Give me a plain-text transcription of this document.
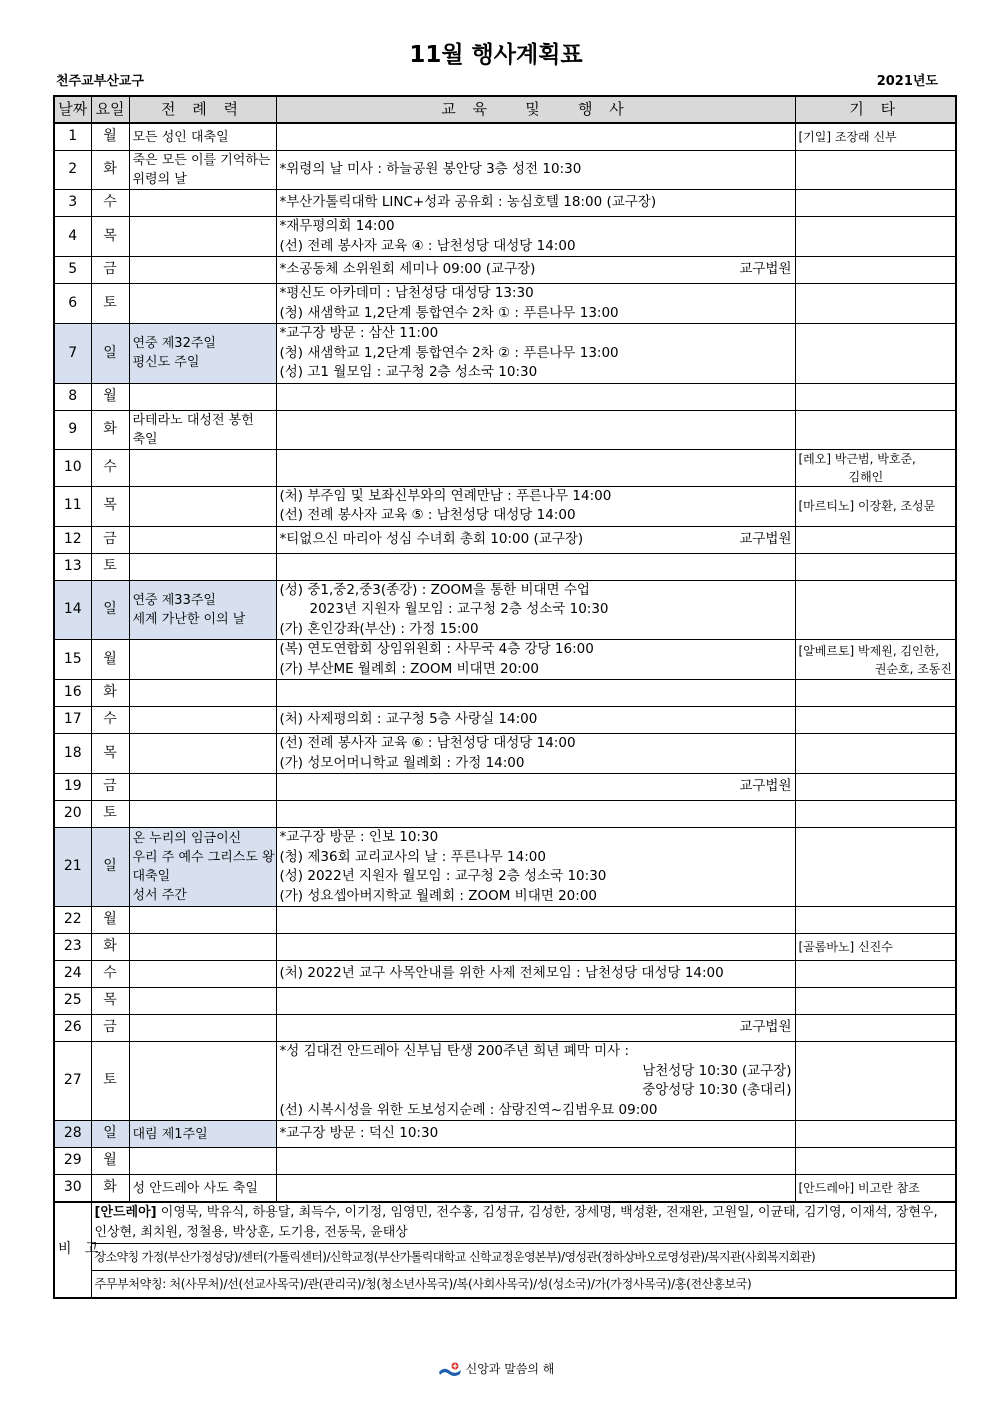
11월 행사계획표
천주교부산교구	2021년도
날짜	요일	전 례 력	교 육   및   행 사	기 타
1	월	모든 성인 대축일		[기일] 조장래 신부

2	화	죽은 모든 이를 기억하는
위령의 날	*위령의 날 미사 : 하늘공원 봉안당 3층 성전 10:30	

3	수		*부산가톨릭대학 LINC+성과 공유회 : 농심호텔 18:00 (교구장)	

4	목		*재무평의회 14:00
(선) 전례 봉사자 교육 ④ : 남천성당 대성당 14:00	

5	금		*소공동체 소위원회 세미나 09:00 (교구장) 교구법원	

6	토		*평신도 아카데미 : 남천성당 대성당 13:30
(청) 새샘학교 1,2단계 통합연수 2차 ① : 푸른나무 13:00	

7	일	연중 제32주일
평신도 주일	*교구장 방문 : 삼산 11:00
(청) 새샘학교 1,2단계 통합연수 2차 ② : 푸른나무 13:00
(성) 고1 월모임 : 교구청 2층 성소국 10:30	

8	월			
9	화	라테라노 대성전 봉헌
축일		

10	수			[레오] 박근범, 박호준,
김해인

11	목		(처) 부주임 및 보좌신부와의 연례만남 : 푸른나무 14:00
(선) 전례 봉사자 교육 ⑤ : 남천성당 대성당 14:00	[마르티노] 이장환, 조성문

12	금		*티없으신 마리아 성심 수녀회 총회 10:00 (교구장) 교구법원	

13	토			
14	일	연중 제33주일
세계 가난한 이의 날	(성) 중1,중2,중3(종강) : ZOOM을 통한 비대면 수업
2023년 지원자 월모임 : 교구청 2층 성소국 10:30
(가) 혼인강좌(부산) : 가정 15:00	

15	월		(복) 연도연합회 상임위원회 : 사무국 4층 강당 16:00
(가) 부산ME 월례회 : ZOOM 비대면 20:00	[알베르토] 박제원, 김인한,
권순호, 조동진

16	화			
17	수		(처) 사제평의회 : 교구청 5층 사랑실 14:00	

18	목		(선) 전례 봉사자 교육 ⑥ : 남천성당 대성당 14:00
(가) 성모어머니학교 월례회 : 가정 14:00	

19	금		교구법원	

20	토			
21	일	온 누리의 임금이신
우리 주 예수 그리스도 왕
대축일
성서 주간	*교구장 방문 : 인보 10:30
(청) 제36회 교리교사의 날 : 푸른나무 14:00
(성) 2022년 지원자 월모임 : 교구청 2층 성소국 10:30
(가) 성요셉아버지학교 월례회 : ZOOM 비대면 20:00	

22	월			
23	화			[골롬바노] 신진수

24	수		(처) 2022년 교구 사목안내를 위한 사제 전체모임 : 남천성당 대성당 14:00	

25	목			
26	금		교구법원	

27	토		*성 김대건 안드레아 신부님 탄생 200주년 희년 폐막 미사 :
남천성당 10:30 (교구장)
중앙성당 10:30 (총대리)
(선) 시복시성을 위한 도보성지순례 : 삼랑진역~김범우묘 09:00	

28	일	대림 제1주일	*교구장 방문 : 덕신 10:30	

29	월			
30	화	성 안드레아 사도 축일		[안드레아] 비고란 참조

비   고	[안드레아] 이영묵, 박유식, 하용달, 최득수, 이기정, 임영민, 전수홍, 김성규, 김성한, 장세명, 백성환, 전재완, 고원일, 이균태, 김기영, 이재석, 장현우, 인상현, 최치원, 정철용, 박상훈, 도기용, 전동묵, 윤태상			
	장소약칭 가정(부산가정성당)/센터(가톨릭센터)/신학교정(부산가톨릭대학교 신학교정운영본부)/영성관(정하상바오로영성관)/복지관(사회복지회관)			
	주무부처약칭: 처(사무처)/선(선교사목국)/관(관리국)/청(청소년사목국)/복(사회사목국)/성(성소국)/가(가정사목국)/홍(전산홍보국)			
신앙과 말씀의 해
